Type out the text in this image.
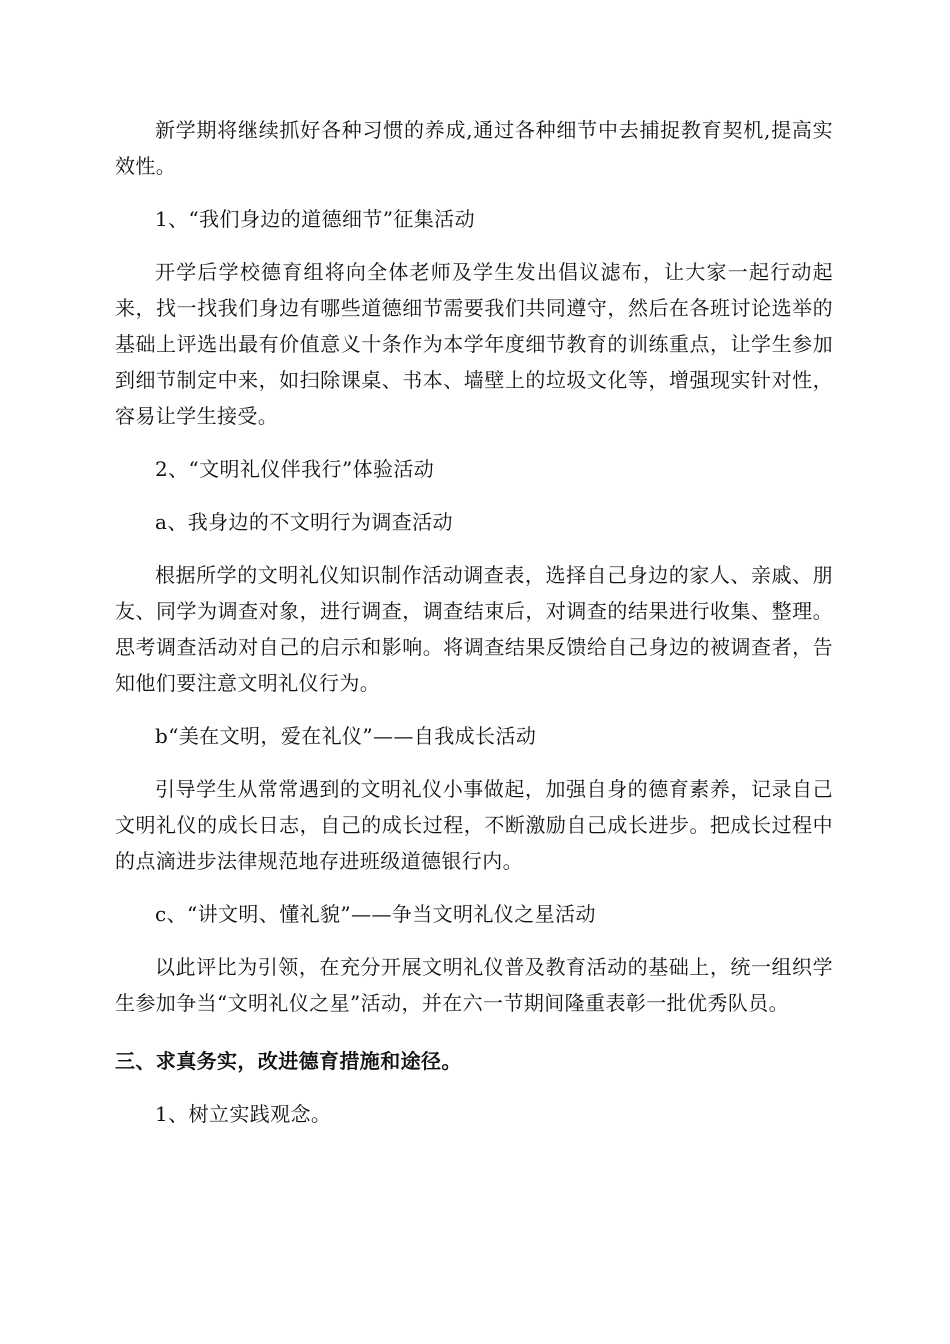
新学期将继续抓好各种习惯的养成,通过各种细节中去捕捉教育契机,提高实效性。

1、“我们身边的道德细节”征集活动

开学后学校德育组将向全体老师及学生发出倡议滤布，让大家一起行动起来，找一找我们身边有哪些道德细节需要我们共同遵守，然后在各班讨论选举的基础上评选出最有价值意义十条作为本学年度细节教育的训练重点，让学生参加到细节制定中来，如扫除课桌、书本、墙壁上的垃圾文化等，增强现实针对性，容易让学生接受。

2、“文明礼仪伴我行”体验活动

a、我身边的不文明行为调查活动

根据所学的文明礼仪知识制作活动调查表，选择自己身边的家人、亲戚、朋友、同学为调查对象，进行调查，调查结束后，对调查的结果进行收集、整理。思考调查活动对自己的启示和影响。将调查结果反馈给自己身边的被调查者，告知他们要注意文明礼仪行为。

b“美在文明，爱在礼仪”——自我成长活动

引导学生从常常遇到的文明礼仪小事做起，加强自身的德育素养，记录自己文明礼仪的成长日志，自己的成长过程，不断激励自己成长进步。把成长过程中的点滴进步法律规范地存进班级道德银行内。

c、“讲文明、懂礼貌”——争当文明礼仪之星活动

以此评比为引领，在充分开展文明礼仪普及教育活动的基础上，统一组织学生参加争当“文明礼仪之星”活动，并在六一节期间隆重表彰一批优秀队员。

三、求真务实，改进德育措施和途径。

1、树立实践观念。
